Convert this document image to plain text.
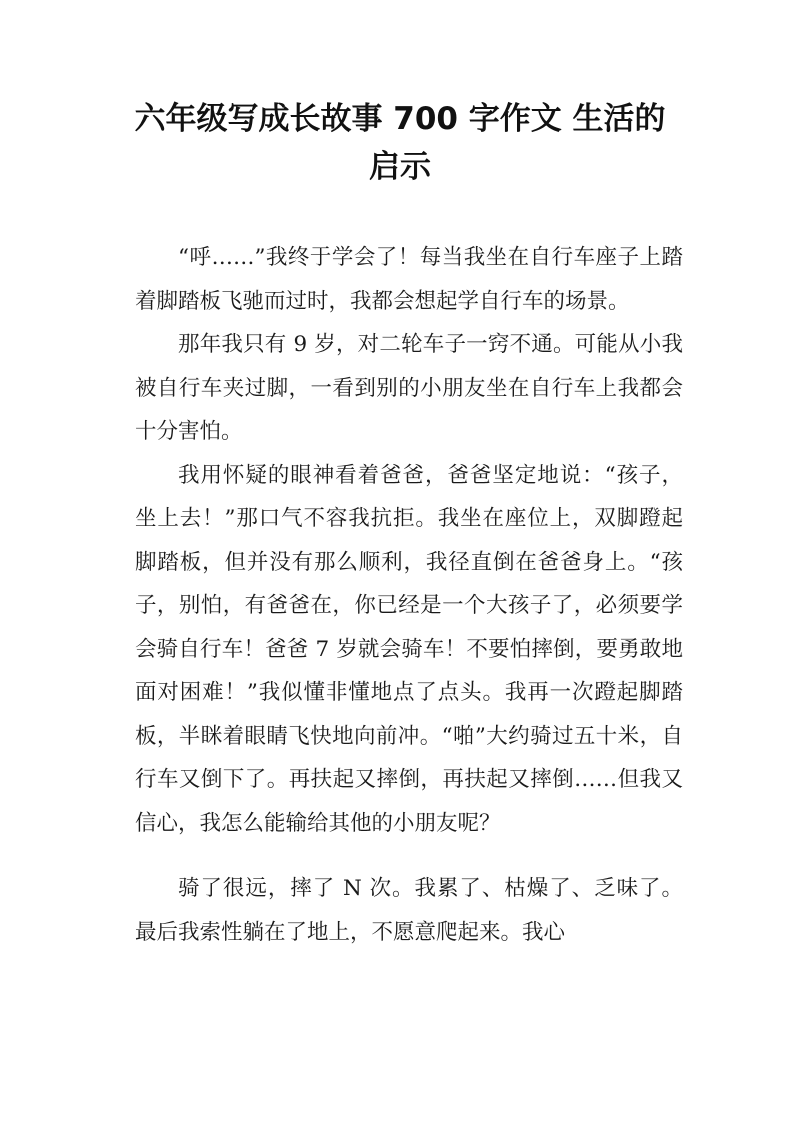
六年级写成长故事 700 字作文 生活的
启示

“呼……”我终于学会了！每当我坐在自行车座子上踏着脚踏板飞驰而过时，我都会想起学自行车的场景。

那年我只有 9 岁，对二轮车子一窍不通。可能从小我被自行车夹过脚，一看到别的小朋友坐在自行车上我都会十分害怕。

我用怀疑的眼神看着爸爸，爸爸坚定地说：“孩子，坐上去！”那口气不容我抗拒。我坐在座位上，双脚蹬起脚踏板，但并没有那么顺利，我径直倒在爸爸身上。“孩子，别怕，有爸爸在，你已经是一个大孩子了，必须要学会骑自行车！爸爸 7 岁就会骑车！不要怕摔倒，要勇敢地面对困难！”我似懂非懂地点了点头。我再一次蹬起脚踏板，半眯着眼睛飞快地向前冲。“啪”大约骑过五十米，自行车又倒下了。再扶起又摔倒，再扶起又摔倒……但我又信心，我怎么能输给其他的小朋友呢？

骑了很远，摔了 N 次。我累了、枯燥了、乏味了。最后我索性躺在了地上，不愿意爬起来。我心
